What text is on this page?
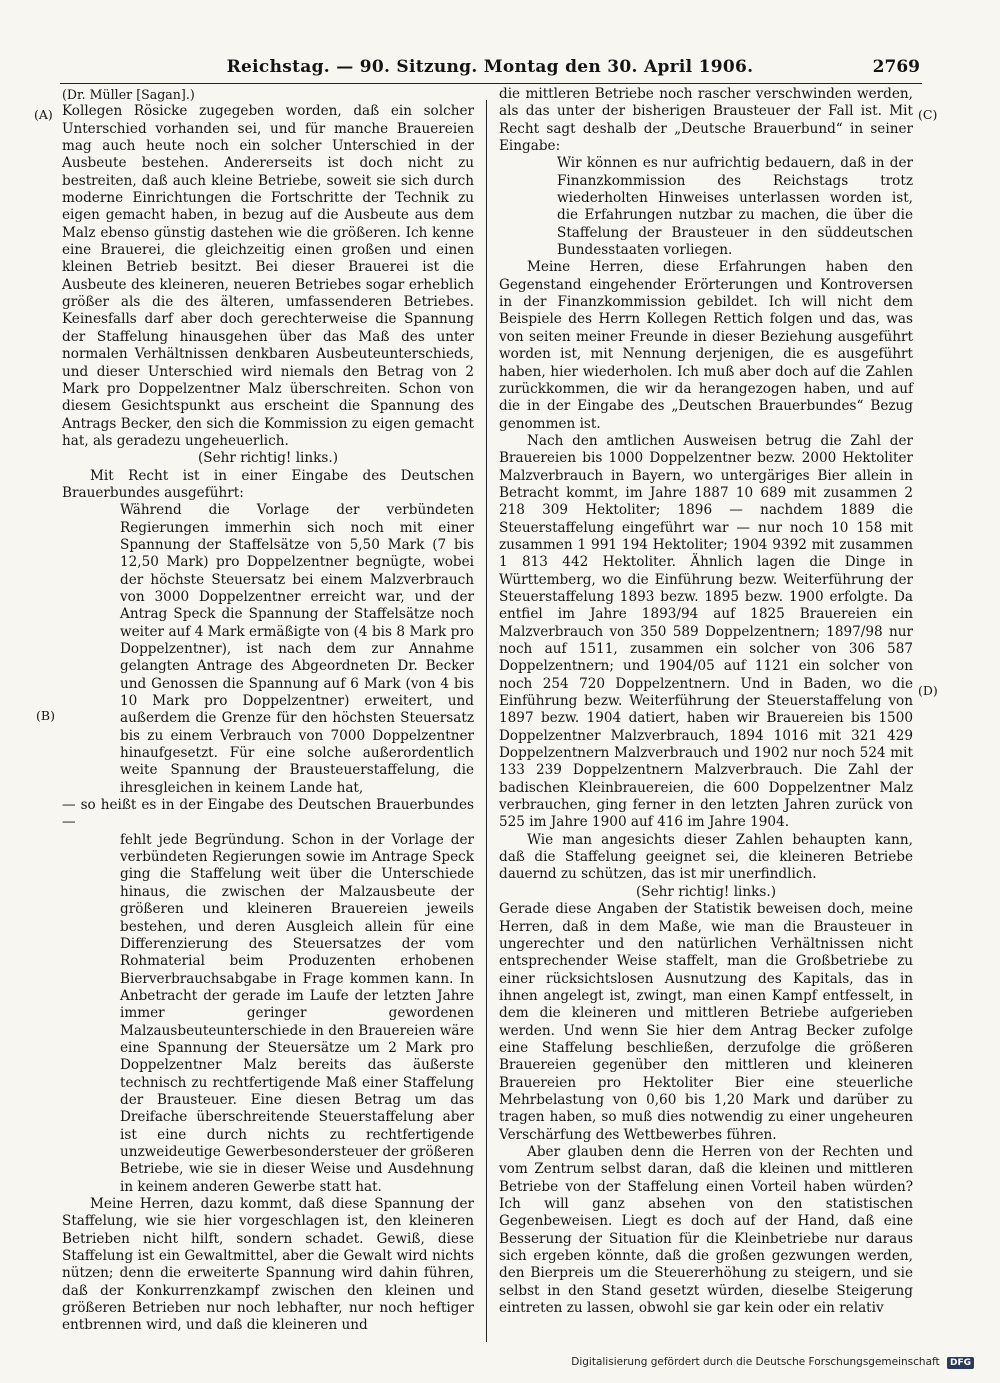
Reichstag. — 90. Sitzung. Montag den 30. April 1906.	2769
(A)
(B)
(C)
(D)

(Dr. Müller [Sagan].)

Kollegen Rösicke zugegeben worden, daß ein solcher Unterschied vorhanden sei, und für manche Brauereien mag auch heute noch ein solcher Unterschied in der Ausbeute bestehen. Andererseits ist doch nicht zu bestreiten, daß auch kleine Betriebe, soweit sie sich durch moderne Einrichtungen die Fortschritte der Technik zu eigen gemacht haben, in bezug auf die Ausbeute aus dem Malz ebenso günstig dastehen wie die größeren. Ich kenne eine Brauerei, die gleichzeitig einen großen und einen kleinen Betrieb besitzt. Bei dieser Brauerei ist die Ausbeute des kleineren, neueren Betriebes sogar erheblich größer als die des älteren, umfassenderen Betriebes. Keinesfalls darf aber doch gerechterweise die Spannung der Staffelung hinausgehen über das Maß des unter normalen Verhältnissen denkbaren Ausbeuteunterschieds, und dieser Unterschied wird niemals den Betrag von 2 Mark pro Doppelzentner Malz überschreiten. Schon von diesem Gesichtspunkt aus erscheint die Spannung des Antrags Becker, den sich die Kommission zu eigen gemacht hat, als geradezu ungeheuerlich.

(Sehr richtig! links.)

Mit Recht ist in einer Eingabe des Deutschen Brauerbundes ausgeführt:

Während die Vorlage der verbündeten Regierungen immerhin sich noch mit einer Spannung der Staffelsätze von 5,50 Mark (7 bis 12,50 Mark) pro Doppelzentner begnügte, wobei der höchste Steuersatz bei einem Malzverbrauch von 3000 Doppelzentner erreicht war, und der Antrag Speck die Spannung der Staffelsätze noch weiter auf 4 Mark ermäßigte von (4 bis 8 Mark pro Doppelzentner), ist nach dem zur Annahme gelangten Antrage des Abgeordneten Dr. Becker und Genossen die Spannung auf 6 Mark (von 4 bis 10 Mark pro Doppelzentner) erweitert, und außerdem die Grenze für den höchsten Steuersatz bis zu einem Verbrauch von 7000 Doppelzentner hinaufgesetzt. Für eine solche außerordentlich weite Spannung der Brausteuerstaffelung, die ihresgleichen in keinem Lande hat,

— so heißt es in der Eingabe des Deutschen Brauerbundes —

fehlt jede Begründung. Schon in der Vorlage der verbündeten Regierungen sowie im Antrage Speck ging die Staffelung weit über die Unterschiede hinaus, die zwischen der Malzausbeute der größeren und kleineren Brauereien jeweils bestehen, und deren Ausgleich allein für eine Differenzierung des Steuersatzes der vom Rohmaterial beim Produzenten erhobenen Bierverbrauchsabgabe in Frage kommen kann. In Anbetracht der gerade im Laufe der letzten Jahre immer geringer gewordenen Malzausbeuteunterschiede in den Brauereien wäre eine Spannung der Steuersätze um 2 Mark pro Doppelzentner Malz bereits das äußerste technisch zu rechtfertigende Maß einer Staffelung der Brausteuer. Eine diesen Betrag um das Dreifache überschreitende Steuerstaffelung aber ist eine durch nichts zu rechtfertigende unzweideutige Gewerbesondersteuer der größeren Betriebe, wie sie in dieser Weise und Ausdehnung in keinem anderen Gewerbe statt hat.

Meine Herren, dazu kommt, daß diese Spannung der Staffelung, wie sie hier vorgeschlagen ist, den kleineren Betrieben nicht hilft, sondern schadet. Gewiß, diese Staffelung ist ein Gewaltmittel, aber die Gewalt wird nichts nützen; denn die erweiterte Spannung wird dahin führen, daß der Konkurrenzkampf zwischen den kleinen und größeren Betrieben nur noch lebhafter, nur noch heftiger entbrennen wird, und daß die kleineren und

die mittleren Betriebe noch rascher verschwinden werden, als das unter der bisherigen Brausteuer der Fall ist. Mit Recht sagt deshalb der „Deutsche Brauerbund“ in seiner Eingabe:

Wir können es nur aufrichtig bedauern, daß in der Finanzkommission des Reichstags trotz wiederholten Hinweises unterlassen worden ist, die Erfahrungen nutzbar zu machen, die über die Staffelung der Brausteuer in den süddeutschen Bundesstaaten vorliegen.

Meine Herren, diese Erfahrungen haben den Gegenstand eingehender Erörterungen und Kontroversen in der Finanzkommission gebildet. Ich will nicht dem Beispiele des Herrn Kollegen Rettich folgen und das, was von seiten meiner Freunde in dieser Beziehung ausgeführt worden ist, mit Nennung derjenigen, die es ausgeführt haben, hier wiederholen. Ich muß aber doch auf die Zahlen zurückkommen, die wir da herangezogen haben, und auf die in der Eingabe des „Deutschen Brauerbundes“ Bezug genommen ist.

Nach den amtlichen Ausweisen betrug die Zahl der Brauereien bis 1000 Doppelzentner bezw. 2000 Hektoliter Malzverbrauch in Bayern, wo untergäriges Bier allein in Betracht kommt, im Jahre 1887 10 689 mit zusammen 2 218 309 Hektoliter; 1896 — nachdem 1889 die Steuerstaffelung eingeführt war — nur noch 10 158 mit zusammen 1 991 194 Hektoliter; 1904 9392 mit zusammen 1 813 442 Hektoliter. Ähnlich lagen die Dinge in Württemberg, wo die Einführung bezw. Weiterführung der Steuerstaffelung 1893 bezw. 1895 bezw. 1900 erfolgte. Da entfiel im Jahre 1893/94 auf 1825 Brauereien ein Malzverbrauch von 350 589 Doppelzentnern; 1897/98 nur noch auf 1511, zusammen ein solcher von 306 587 Doppelzentnern; und 1904/05 auf 1121 ein solcher von noch 254 720 Doppelzentnern. Und in Baden, wo die Einführung bezw. Weiterführung der Steuerstaffelung von 1897 bezw. 1904 datiert, haben wir Brauereien bis 1500 Doppelzentner Malzverbrauch, 1894 1016 mit 321 429 Doppelzentnern Malzverbrauch und 1902 nur noch 524 mit 133 239 Doppelzentnern Malzverbrauch. Die Zahl der badischen Kleinbrauereien, die 600 Doppelzentner Malz verbrauchen, ging ferner in den letzten Jahren zurück von 525 im Jahre 1900 auf 416 im Jahre 1904.

Wie man angesichts dieser Zahlen behaupten kann, daß die Staffelung geeignet sei, die kleineren Betriebe dauernd zu schützen, das ist mir unerfindlich.

(Sehr richtig! links.)

Gerade diese Angaben der Statistik beweisen doch, meine Herren, daß in dem Maße, wie man die Brausteuer in ungerechter und den natürlichen Verhältnissen nicht entsprechender Weise staffelt, man die Großbetriebe zu einer rücksichtslosen Ausnutzung des Kapitals, das in ihnen angelegt ist, zwingt, man einen Kampf entfesselt, in dem die kleineren und mittleren Betriebe aufgerieben werden. Und wenn Sie hier dem Antrag Becker zufolge eine Staffelung beschließen, derzufolge die größeren Brauereien gegenüber den mittleren und kleineren Brauereien pro Hektoliter Bier eine steuerliche Mehrbelastung von 0,60 bis 1,20 Mark und darüber zu tragen haben, so muß dies notwendig zu einer ungeheuren Verschärfung des Wettbewerbes führen.

Aber glauben denn die Herren von der Rechten und vom Zentrum selbst daran, daß die kleinen und mittleren Betriebe von der Staffelung einen Vorteil haben würden? Ich will ganz absehen von den statistischen Gegenbeweisen. Liegt es doch auf der Hand, daß eine Besserung der Situation für die Kleinbetriebe nur daraus sich ergeben könnte, daß die großen gezwungen werden, den Bierpreis um die Steuererhöhung zu steigern, und sie selbst in den Stand gesetzt würden, dieselbe Steigerung eintreten zu lassen, obwohl sie gar kein oder ein relativ

Digitalisierung gefördert durch die Deutsche Forschungsgemeinschaft DFG
